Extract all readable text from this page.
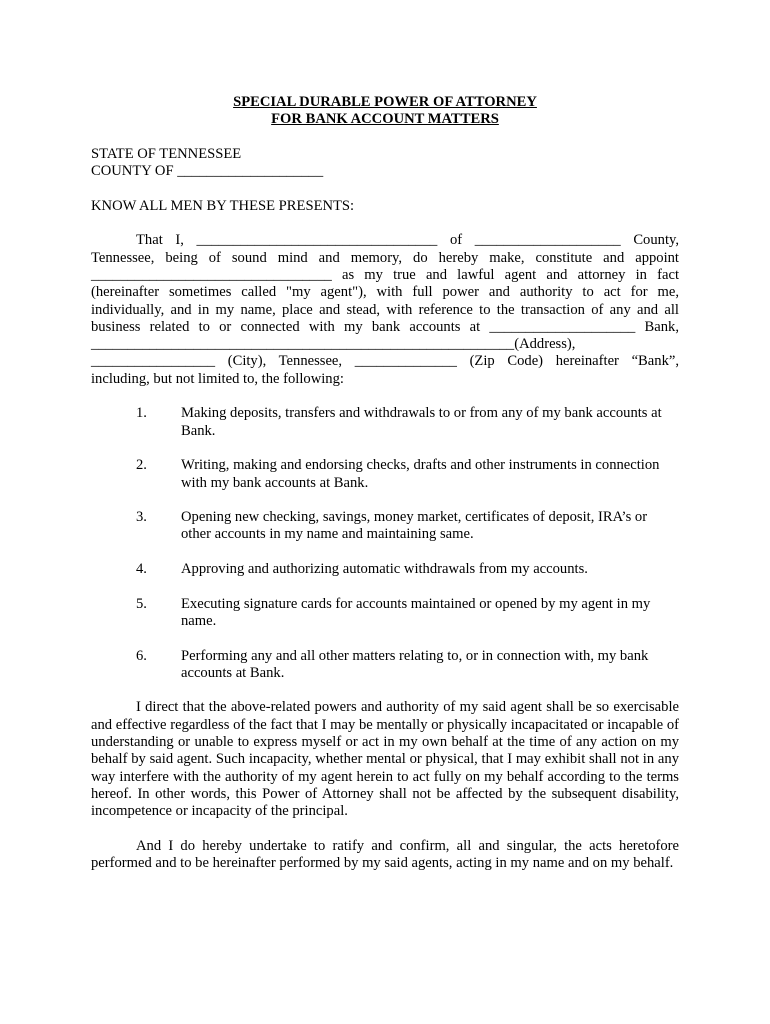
SPECIAL DURABLE POWER OF ATTORNEY
FOR BANK ACCOUNT MATTERS
STATE OF TENNESSEE
COUNTY OF ____________________
KNOW ALL MEN BY THESE PRESENTS:
That I, _________________________________ of ____________________ County,
Tennessee, being of sound mind and memory, do hereby make, constitute and appoint
_________________________________ as my true and lawful agent and attorney in fact
(hereinafter sometimes called "my agent"), with full power and authority to act for me,
individually, and in my name, place and stead, with reference to the transaction of any and all
business related to or connected with my bank accounts at ____________________ Bank,
__________________________________________________________(Address),
_________________ (City), Tennessee, ______________ (Zip Code) hereinafter “Bank”,
including, but not limited to, the following:
1. Making deposits, transfers and withdrawals to or from any of my bank accounts at Bank.
2. Writing, making and endorsing checks, drafts and other instruments in connection with my bank accounts at Bank.
3. Opening new checking, savings, money market, certificates of deposit, IRA’s or other accounts in my name and maintaining same.
4. Approving and authorizing automatic withdrawals from my accounts.
5. Executing signature cards for accounts maintained or opened by my agent in my name.
6. Performing any and all other matters relating to, or in connection with, my bank accounts at Bank.

I direct that the above-related powers and authority of my said agent shall be so exercisable and effective regardless of the fact that I may be mentally or physically incapacitated or incapable of understanding or unable to express myself or act in my own behalf at the time of any action on my behalf by said agent. Such incapacity, whether mental or physical, that I may exhibit shall not in any way interfere with the authority of my agent herein to act fully on my behalf according to the terms hereof. In other words, this Power of Attorney shall not be affected by the subsequent disability, incompetence or incapacity of the principal.

And I do hereby undertake to ratify and confirm, all and singular, the acts heretofore performed and to be hereinafter performed by my said agents, acting in my name and on my behalf.
